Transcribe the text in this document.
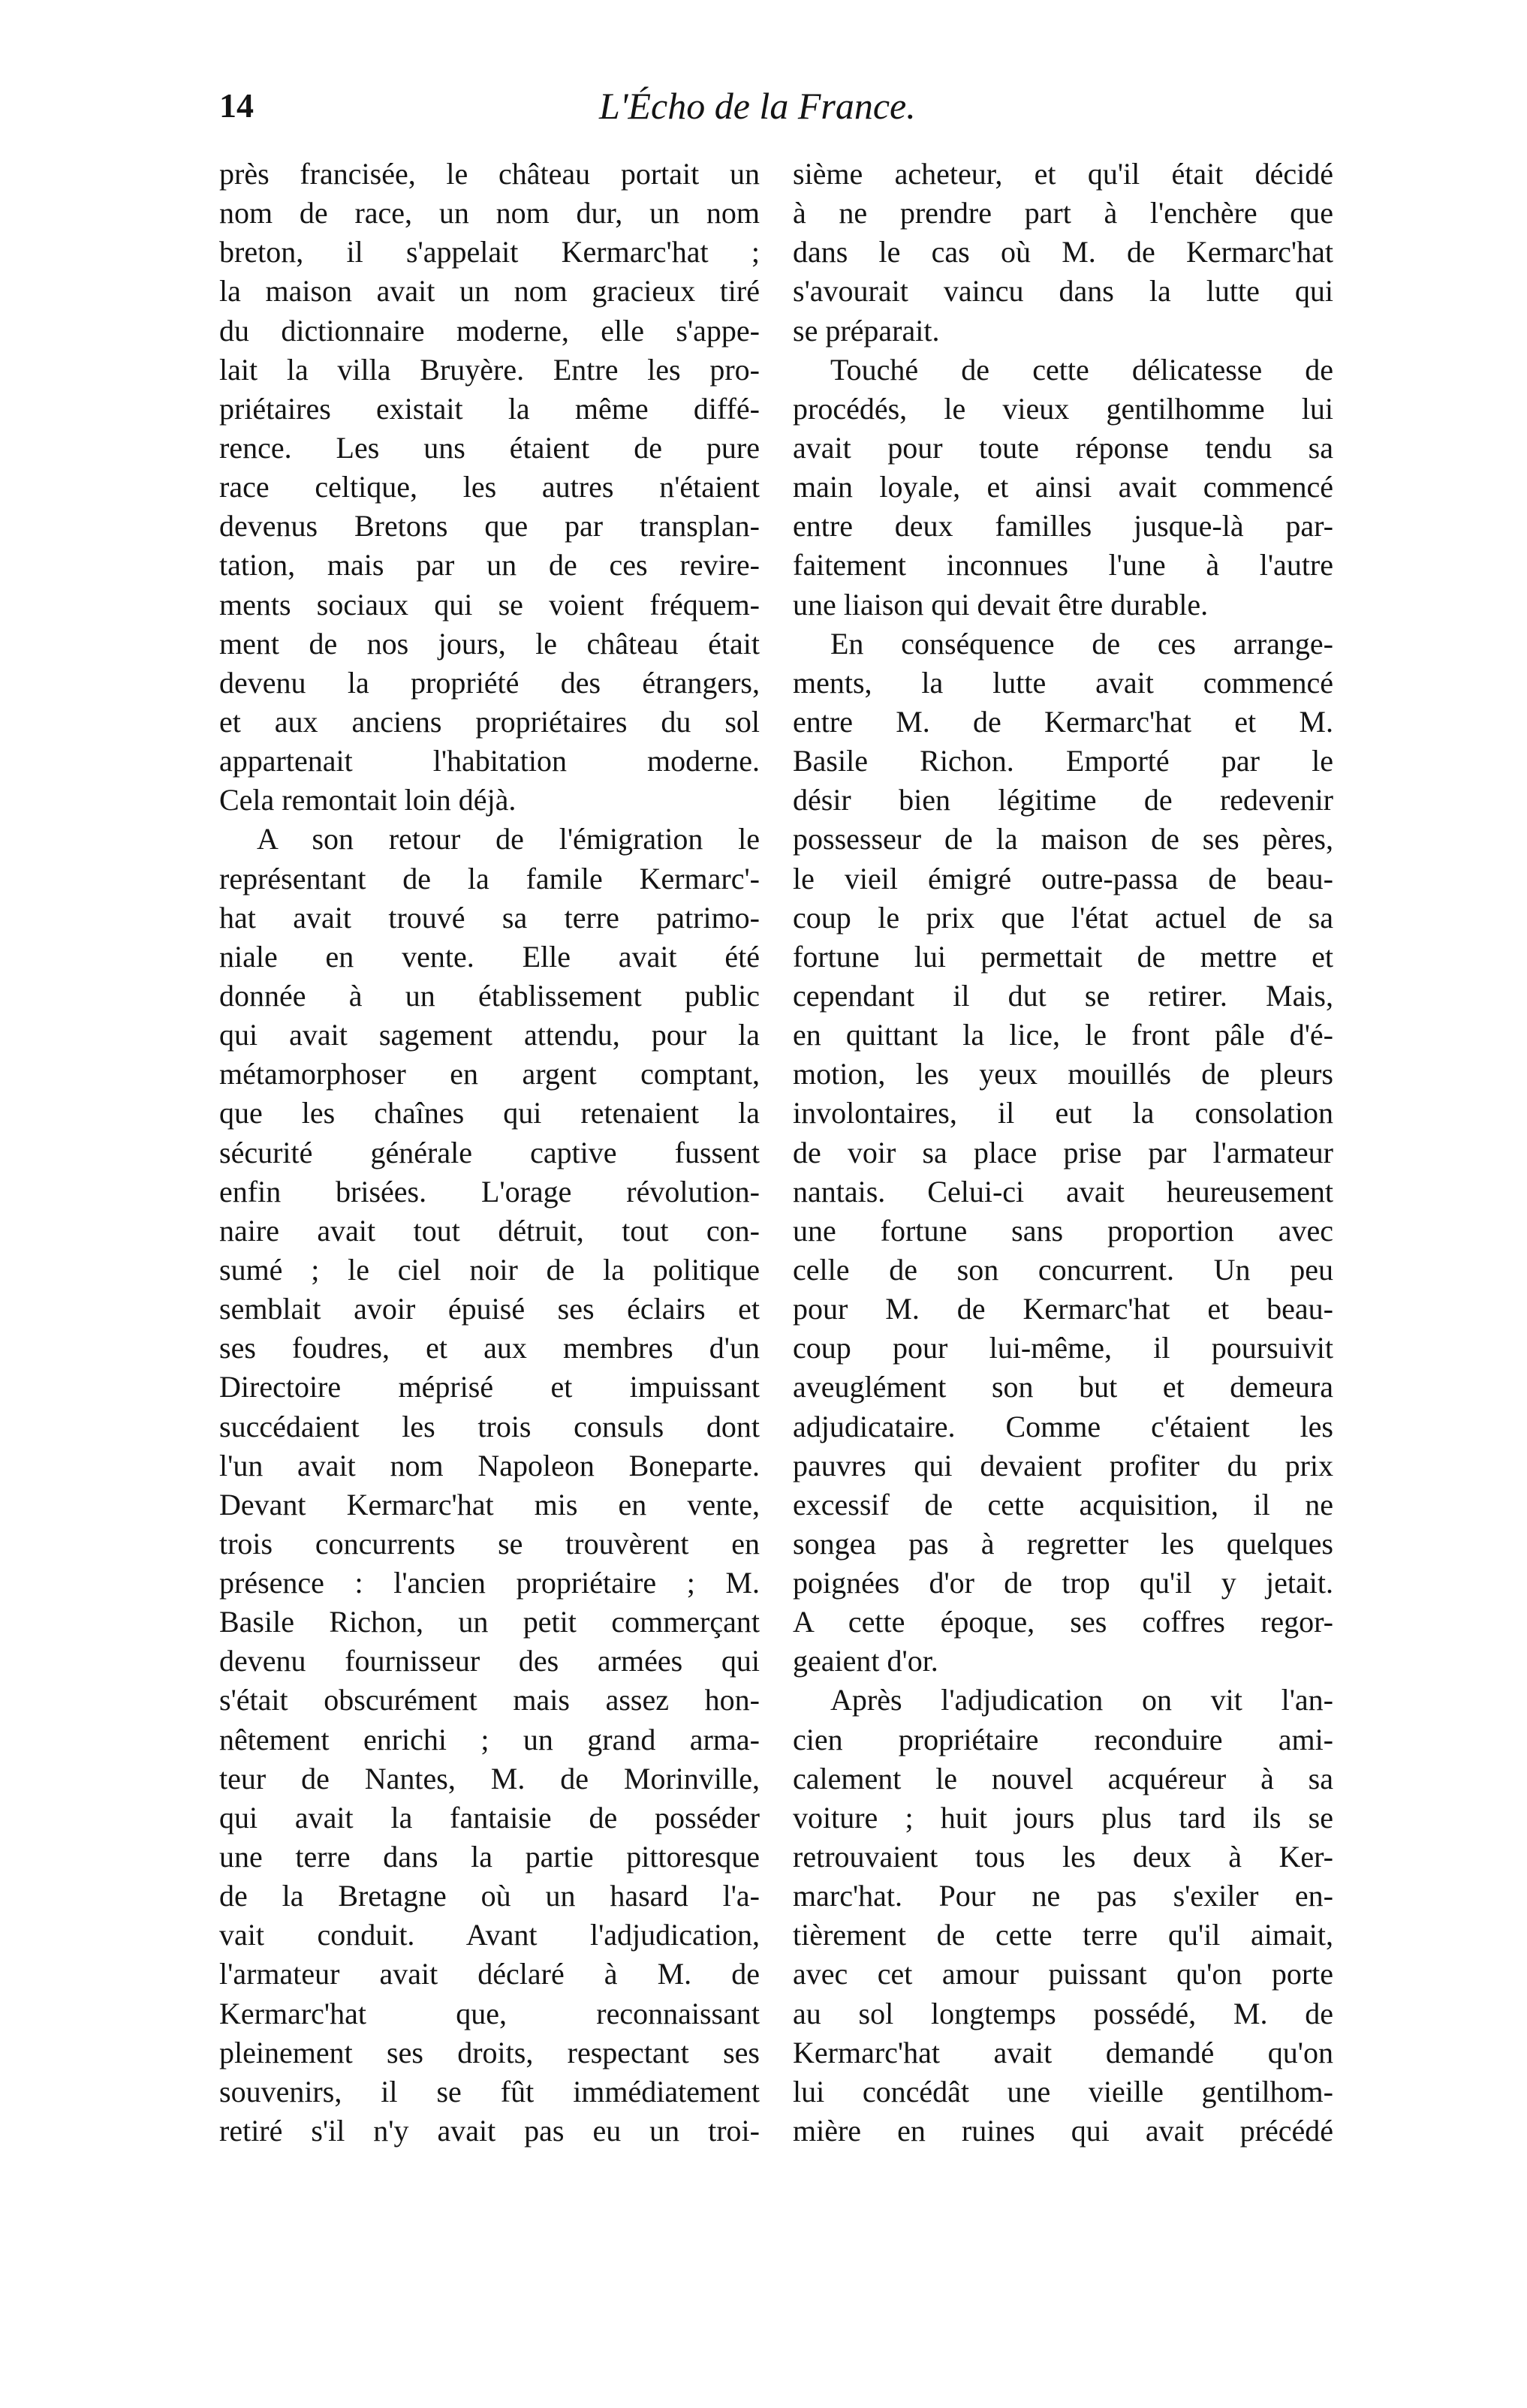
14	L'Écho de la France.
près francisée, le château portait un
nom de race, un nom dur, un nom
breton, il s'appelait Kermarc'hat ;
la maison avait un nom gracieux tiré
du dictionnaire moderne, elle s'appe-
lait la villa Bruyère. Entre les pro-
priétaires existait la même diffé-
rence. Les uns étaient de pure
race celtique, les autres n'étaient
devenus Bretons que par transplan-
tation, mais par un de ces revire-
ments sociaux qui se voient fréquem-
ment de nos jours, le château était
devenu la propriété des étrangers,
et aux anciens propriétaires du sol
appartenait l'habitation moderne.
Cela remontait loin déjà.
A son retour de l'émigration le
représentant de la famile Kermarc'-
hat avait trouvé sa terre patrimo-
niale en vente. Elle avait été
donnée à un établissement public
qui avait sagement attendu, pour la
métamorphoser en argent comptant,
que les chaînes qui retenaient la
sécurité générale captive fussent
enfin brisées. L'orage révolution-
naire avait tout détruit, tout con-
sumé ; le ciel noir de la politique
semblait avoir épuisé ses éclairs et
ses foudres, et aux membres d'un
Directoire méprisé et impuissant
succédaient les trois consuls dont
l'un avait nom Napoleon Boneparte.
Devant Kermarc'hat mis en vente,
trois concurrents se trouvèrent en
présence : l'ancien propriétaire ; M.
Basile Richon, un petit commerçant
devenu fournisseur des armées qui
s'était obscurément mais assez hon-
nêtement enrichi ; un grand arma-
teur de Nantes, M. de Morinville,
qui avait la fantaisie de posséder
une terre dans la partie pittoresque
de la Bretagne où un hasard l'a-
vait conduit. Avant l'adjudication,
l'armateur avait déclaré à M. de
Kermarc'hat que, reconnaissant
pleinement ses droits, respectant ses
souvenirs, il se fût immédiatement
retiré s'il n'y avait pas eu un troi-
sième acheteur, et qu'il était décidé
à ne prendre part à l'enchère que
dans le cas où M. de Kermarc'hat
s'avourait vaincu dans la lutte qui
se préparait.
Touché de cette délicatesse de
procédés, le vieux gentilhomme lui
avait pour toute réponse tendu sa
main loyale, et ainsi avait commencé
entre deux familles jusque-là par-
faitement inconnues l'une à l'autre
une liaison qui devait être durable.
En conséquence de ces arrange-
ments, la lutte avait commencé
entre M. de Kermarc'hat et M.
Basile Richon. Emporté par le
désir bien légitime de redevenir
possesseur de la maison de ses pères,
le vieil émigré outre-passa de beau-
coup le prix que l'état actuel de sa
fortune lui permettait de mettre et
cependant il dut se retirer. Mais,
en quittant la lice, le front pâle d'é-
motion, les yeux mouillés de pleurs
involontaires, il eut la consolation
de voir sa place prise par l'armateur
nantais. Celui-ci avait heureusement
une fortune sans proportion avec
celle de son concurrent. Un peu
pour M. de Kermarc'hat et beau-
coup pour lui-même, il poursuivit
aveuglément son but et demeura
adjudicataire. Comme c'étaient les
pauvres qui devaient profiter du prix
excessif de cette acquisition, il ne
songea pas à regretter les quelques
poignées d'or de trop qu'il y jetait.
A cette époque, ses coffres regor-
geaient d'or.
Après l'adjudication on vit l'an-
cien propriétaire reconduire ami-
calement le nouvel acquéreur à sa
voiture ; huit jours plus tard ils se
retrouvaient tous les deux à Ker-
marc'hat. Pour ne pas s'exiler en-
tièrement de cette terre qu'il aimait,
avec cet amour puissant qu'on porte
au sol longtemps possédé, M. de
Kermarc'hat avait demandé qu'on
lui concédât une vieille gentilhom-
mière en ruines qui avait précédé
